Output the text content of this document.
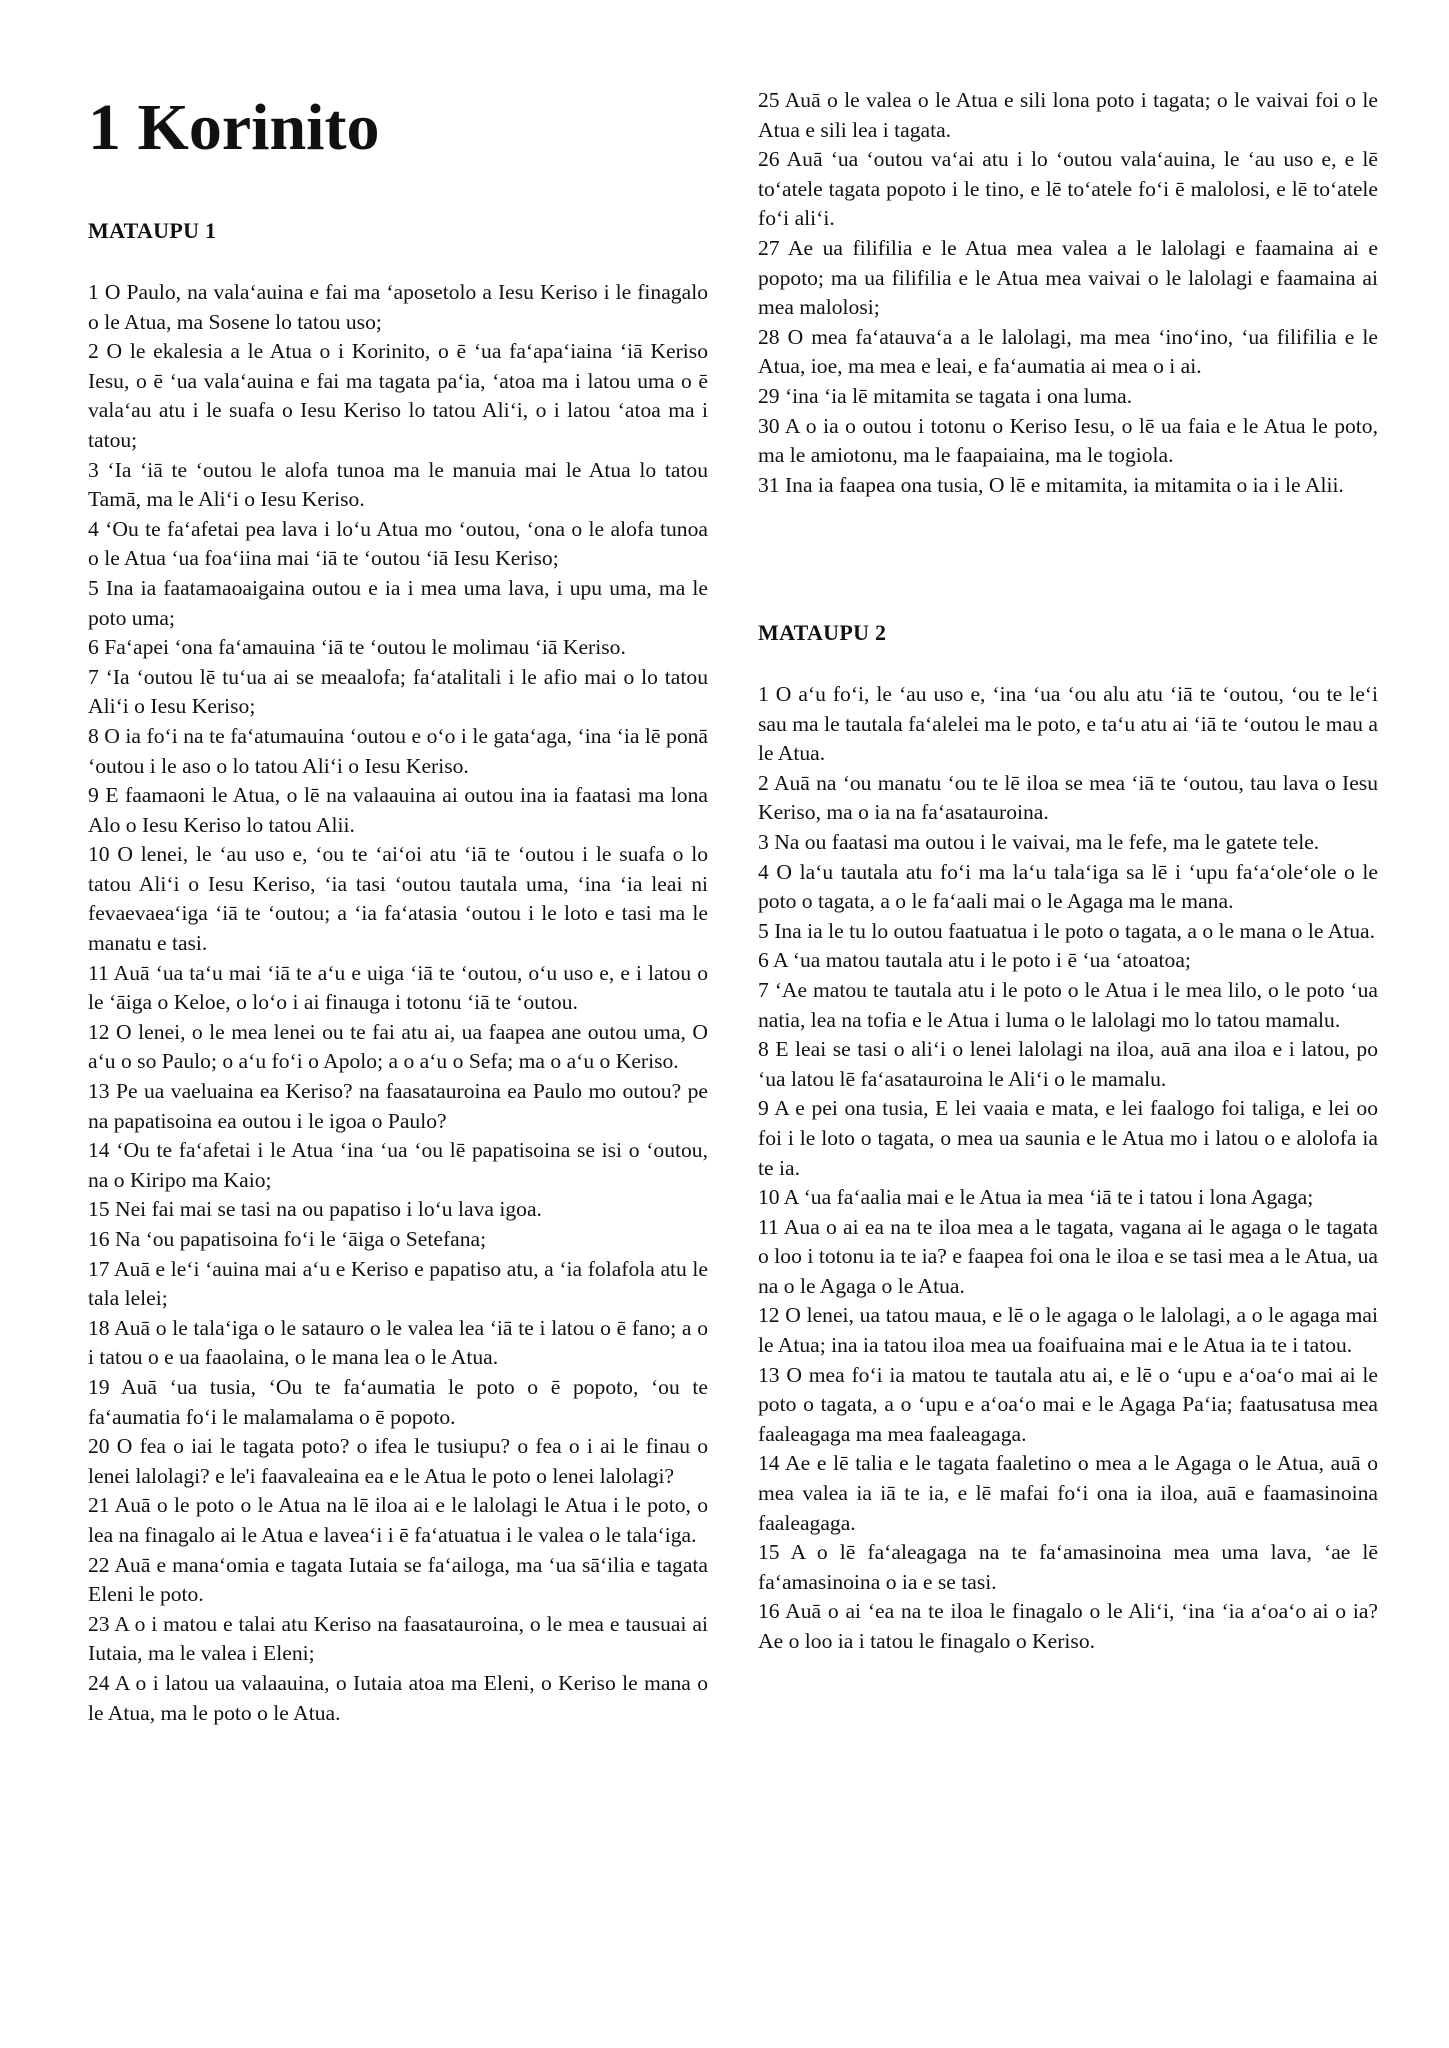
1 Korinito
MATAUPU 1

1 O Paulo, na vala‘auina e fai ma ‘aposetolo a Iesu Keriso i le finagalo o le Atua, ma Sosene lo tatou uso;

2 O le ekalesia a le Atua o i Korinito, o ē ‘ua fa‘apa‘iaina ‘iā Keriso Iesu, o ē ‘ua vala‘auina e fai ma tagata pa‘ia, ‘atoa ma i latou uma o ē vala‘au atu i le suafa o Iesu Keriso lo tatou Ali‘i, o i latou ‘atoa ma i tatou;

3 ‘Ia ‘iā te ‘outou le alofa tunoa ma le manuia mai le Atua lo tatou Tamā, ma le Ali‘i o Iesu Keriso.

4 ‘Ou te fa‘afetai pea lava i lo‘u Atua mo ‘outou, ‘ona o le alofa tunoa o le Atua ‘ua foa‘iina mai ‘iā te ‘outou ‘iā Iesu Keriso;

5 Ina ia faatamaoaigaina outou e ia i mea uma lava, i upu uma, ma le poto uma;

6 Fa‘apei ‘ona fa‘amauina ‘iā te ‘outou le molimau ‘iā Keriso.

7 ‘Ia ‘outou lē tu‘ua ai se meaalofa; fa‘atalitali i le afio mai o lo tatou Ali‘i o Iesu Keriso;

8 O ia fo‘i na te fa‘atumauina ‘outou e o‘o i le gata‘aga, ‘ina ‘ia lē ponā ‘outou i le aso o lo tatou Ali‘i o Iesu Keriso.

9 E faamaoni le Atua, o lē na valaauina ai outou ina ia faatasi ma lona Alo o Iesu Keriso lo tatou Alii.

10 O lenei, le ‘au uso e, ‘ou te ‘ai‘oi atu ‘iā te ‘outou i le suafa o lo tatou Ali‘i o Iesu Keriso, ‘ia tasi ‘outou tautala uma, ‘ina ‘ia leai ni fevaevaea‘iga ‘iā te ‘outou; a ‘ia fa‘atasia ‘outou i le loto e tasi ma le manatu e tasi.

11 Auā ‘ua ta‘u mai ‘iā te a‘u e uiga ‘iā te ‘outou, o‘u uso e, e i latou o le ‘āiga o Keloe, o lo‘o i ai finauga i totonu ‘iā te ‘outou.

12 O lenei, o le mea lenei ou te fai atu ai, ua faapea ane outou uma, O a‘u o so Paulo; o a‘u fo‘i o Apolo; a o a‘u o Sefa; ma o a‘u o Keriso.

13 Pe ua vaeluaina ea Keriso? na faasatauroina ea Paulo mo outou? pe na papatisoina ea outou i le igoa o Paulo?

14 ‘Ou te fa‘afetai i le Atua ‘ina ‘ua ‘ou lē papatisoina se isi o ‘outou, na o Kiripo ma Kaio;

15 Nei fai mai se tasi na ou papatiso i lo‘u lava igoa.

16 Na ‘ou papatisoina fo‘i le ‘āiga o Setefana;

17 Auā e le‘i ‘auina mai a‘u e Keriso e papatiso atu, a ‘ia folafola atu le tala lelei;

18 Auā o le tala‘iga o le satauro o le valea lea ‘iā te i latou o ē fano; a o i tatou o e ua faaolaina, o le mana lea o le Atua.

19 Auā ‘ua tusia, ‘Ou te fa‘aumatia le poto o ē popoto, ‘ou te fa‘aumatia fo‘i le malamalama o ē popoto.

20 O fea o iai le tagata poto? o ifea le tusiupu? o fea o i ai le finau o lenei lalolagi? e le'i faavaleaina ea e le Atua le poto o lenei lalolagi?

21 Auā o le poto o le Atua na lē iloa ai e le lalolagi le Atua i le poto, o lea na finagalo ai le Atua e lavea‘i i ē fa‘atuatua i le valea o le tala‘iga.

22 Auā e mana‘omia e tagata Iutaia se fa‘ailoga, ma ‘ua sā‘ilia e tagata Eleni le poto.

23 A o i matou e talai atu Keriso na faasatauroina, o le mea e tausuai ai Iutaia, ma le valea i Eleni;

24 A o i latou ua valaauina, o Iutaia atoa ma Eleni, o Keriso le mana o le Atua, ma le poto o le Atua.

25 Auā o le valea o le Atua e sili lona poto i tagata; o le vaivai foi o le Atua e sili lea i tagata.

26 Auā ‘ua ‘outou va‘ai atu i lo ‘outou vala‘auina, le ‘au uso e, e lē to‘atele tagata popoto i le tino, e lē to‘atele fo‘i ē malolosi, e lē to‘atele fo‘i ali‘i.

27 Ae ua filifilia e le Atua mea valea a le lalolagi e faamaina ai e popoto; ma ua filifilia e le Atua mea vaivai o le lalolagi e faamaina ai mea malolosi;

28 O mea fa‘atauva‘a a le lalolagi, ma mea ‘ino‘ino, ‘ua filifilia e le Atua, ioe, ma mea e leai, e fa‘aumatia ai mea o i ai.

29 ‘ina ‘ia lē mitamita se tagata i ona luma.

30 A o ia o outou i totonu o Keriso Iesu, o lē ua faia e le Atua le poto, ma le amiotonu, ma le faapaiaina, ma le togiola.

31 Ina ia faapea ona tusia, O lē e mitamita, ia mitamita o ia i le Alii.

MATAUPU 2

1 O a‘u fo‘i, le ‘au uso e, ‘ina ‘ua ‘ou alu atu ‘iā te ‘outou, ‘ou te le‘i sau ma le tautala fa‘alelei ma le poto, e ta‘u atu ai ‘iā te ‘outou le mau a le Atua.

2 Auā na ‘ou manatu ‘ou te lē iloa se mea ‘iā te ‘outou, tau lava o Iesu Keriso, ma o ia na fa‘asatauroina.

3 Na ou faatasi ma outou i le vaivai, ma le fefe, ma le gatete tele.

4 O la‘u tautala atu fo‘i ma la‘u tala‘iga sa lē i ‘upu fa‘a‘ole‘ole o le poto o tagata, a o le fa‘aali mai o le Agaga ma le mana.

5 Ina ia le tu lo outou faatuatua i le poto o tagata, a o le mana o le Atua.

6 A ‘ua matou tautala atu i le poto i ē ‘ua ‘atoatoa;

7 ‘Ae matou te tautala atu i le poto o le Atua i le mea lilo, o le poto ‘ua natia, lea na tofia e le Atua i luma o le lalolagi mo lo tatou mamalu.

8 E leai se tasi o ali‘i o lenei lalolagi na iloa, auā ana iloa e i latou, po ‘ua latou lē fa‘asatauroina le Ali‘i o le mamalu.

9 A e pei ona tusia, E lei vaaia e mata, e lei faalogo foi taliga, e lei oo foi i le loto o tagata, o mea ua saunia e le Atua mo i latou o e alolofa ia te ia.

10 A ‘ua fa‘aalia mai e le Atua ia mea ‘iā te i tatou i lona Agaga;

11 Aua o ai ea na te iloa mea a le tagata, vagana ai le agaga o le tagata o loo i totonu ia te ia? e faapea foi ona le iloa e se tasi mea a le Atua, ua na o le Agaga o le Atua.

12 O lenei, ua tatou maua, e lē o le agaga o le lalolagi, a o le agaga mai le Atua; ina ia tatou iloa mea ua foaifuaina mai e le Atua ia te i tatou.

13 O mea fo‘i ia matou te tautala atu ai, e lē o ‘upu e a‘oa‘o mai ai le poto o tagata, a o ‘upu e a‘oa‘o mai e le Agaga Pa‘ia; faatusatusa mea faaleagaga ma mea faaleagaga.

14 Ae e lē talia e le tagata faaletino o mea a le Agaga o le Atua, auā o mea valea ia iā te ia, e lē mafai fo‘i ona ia iloa, auā e faamasinoina faaleagaga.

15 A o lē fa‘aleagaga na te fa‘amasinoina mea uma lava, ‘ae lē fa‘amasinoina o ia e se tasi.

16 Auā o ai ‘ea na te iloa le finagalo o le Ali‘i, ‘ina ‘ia a‘oa‘o ai o ia? Ae o loo ia i tatou le finagalo o Keriso.
